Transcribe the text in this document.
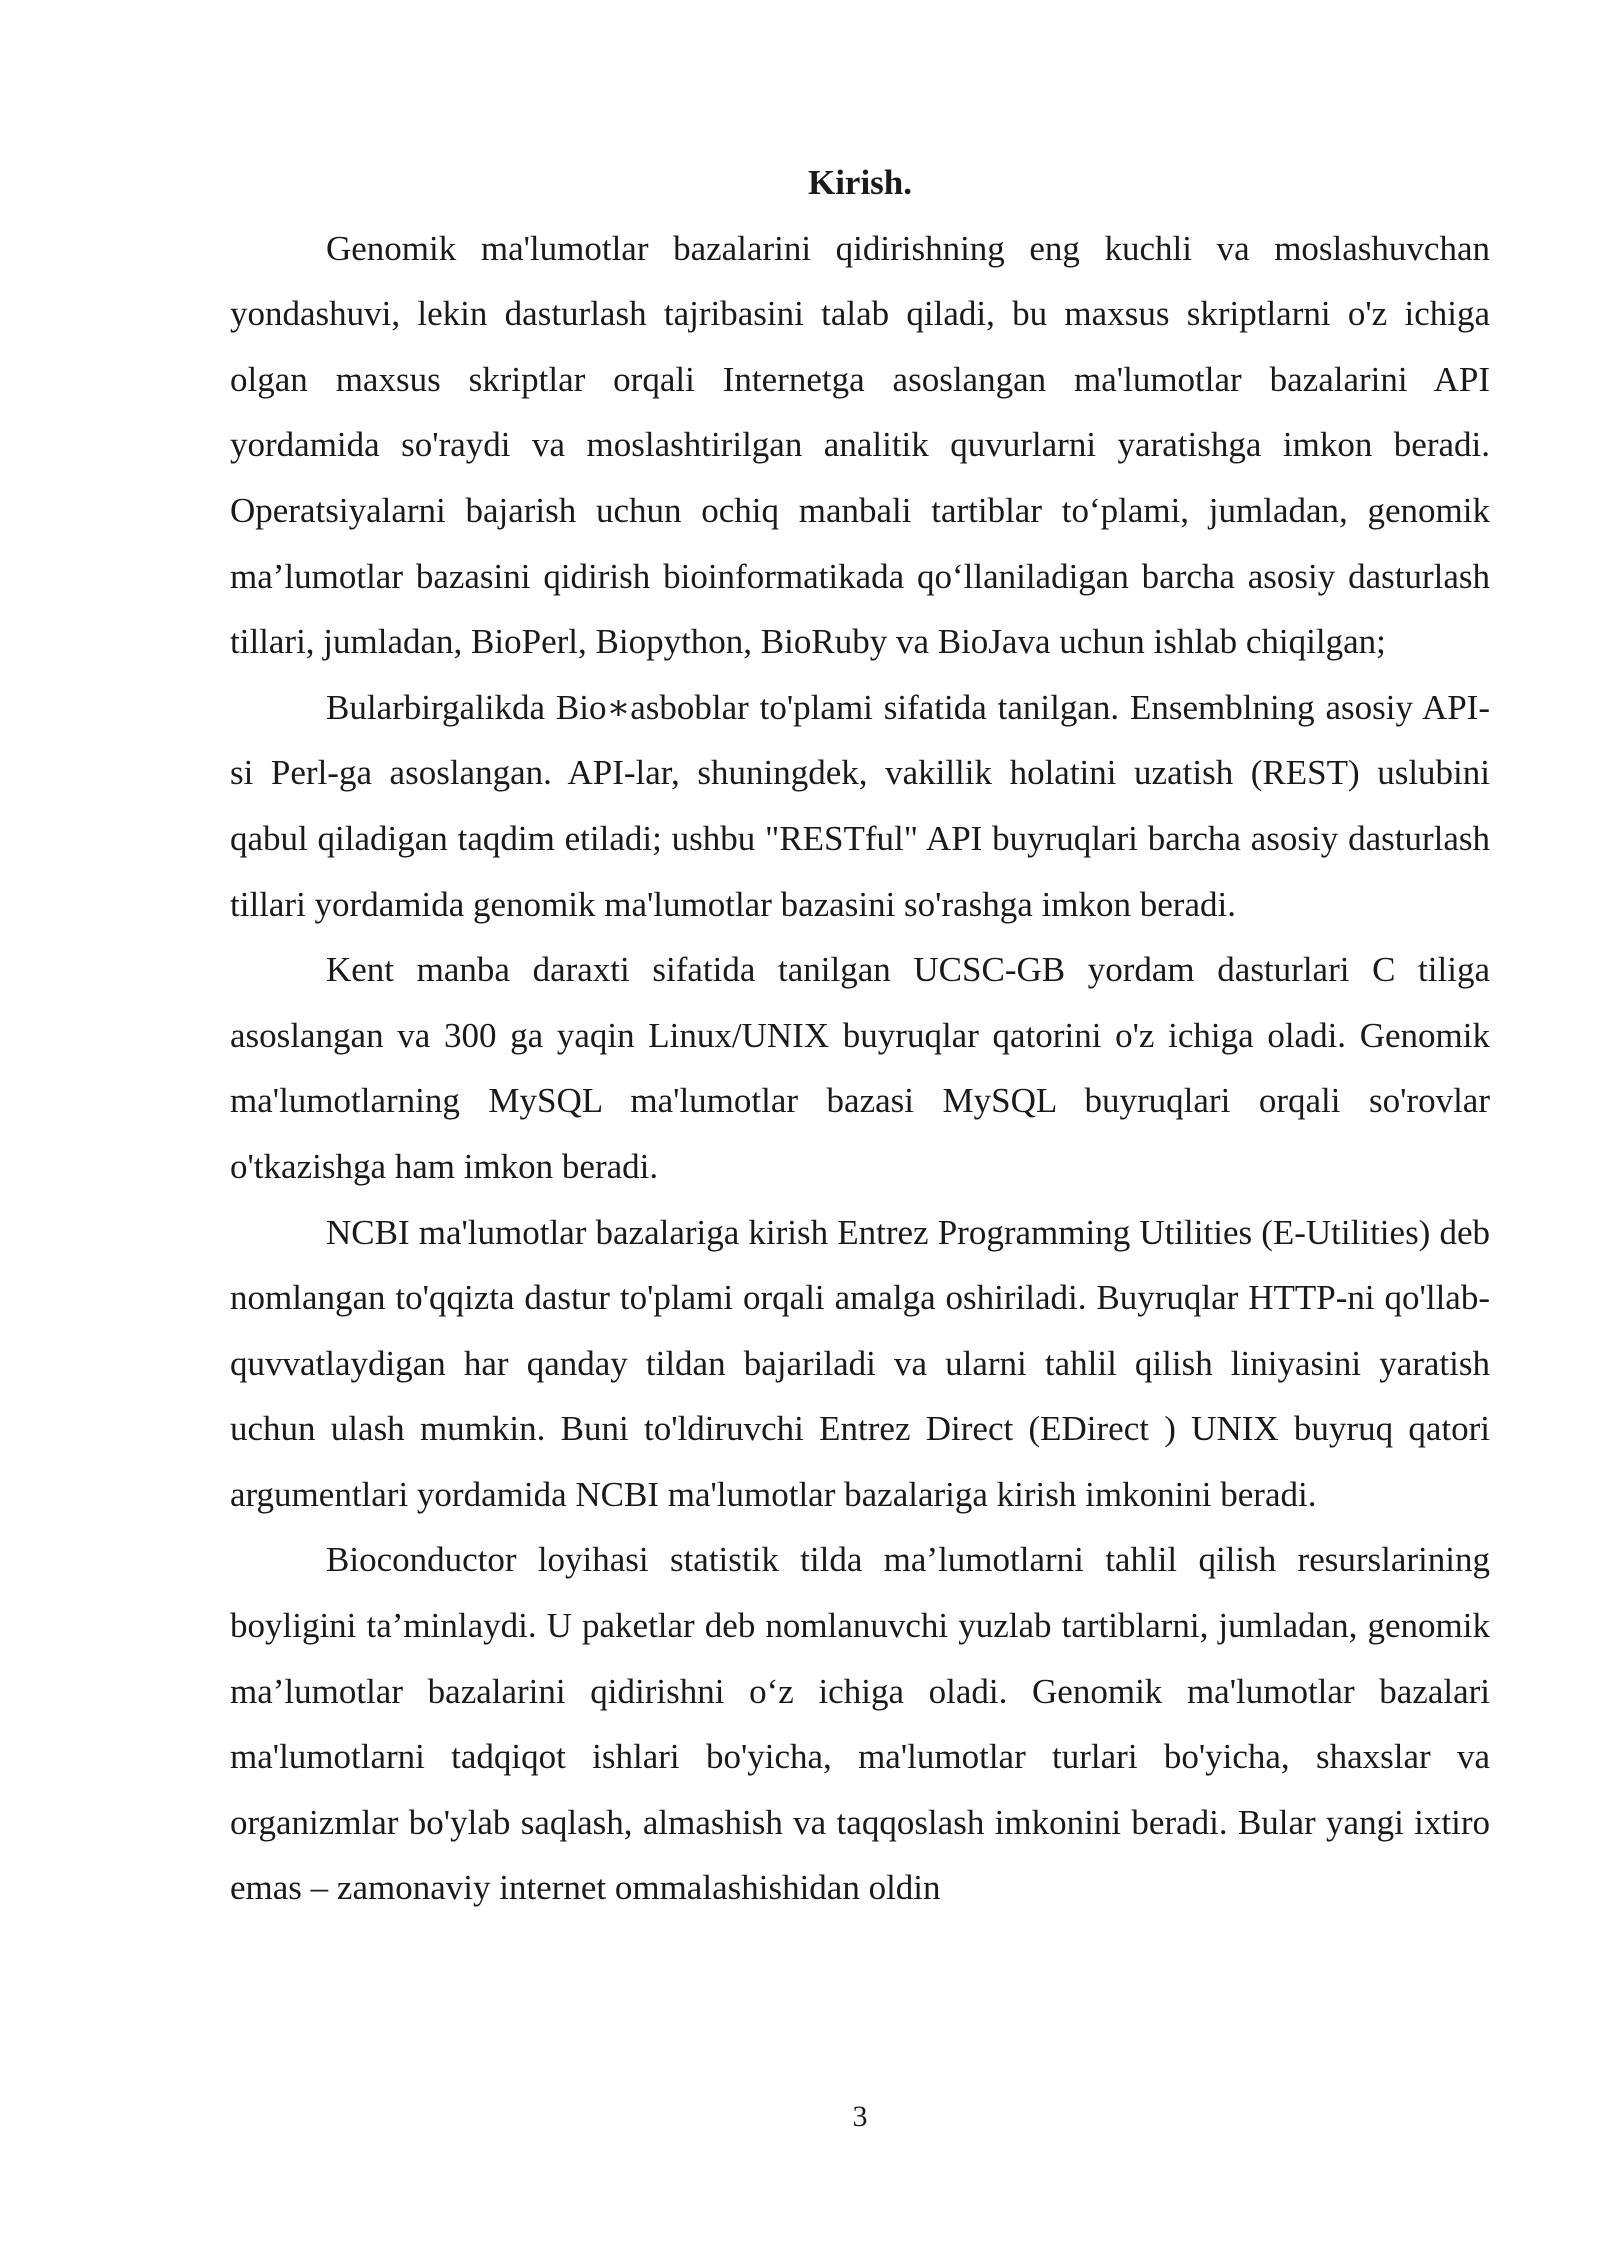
Kirish.

Genomik ma'lumotlar bazalarini qidirishning eng kuchli va moslashuvchan yondashuvi, lekin dasturlash tajribasini talab qiladi, bu maxsus skriptlarni o'z ichiga olgan maxsus skriptlar orqali Internetga asoslangan ma'lumotlar bazalarini API yordamida so'raydi va moslashtirilgan analitik quvurlarni yaratishga imkon beradi. Operatsiyalarni bajarish uchun ochiq manbali tartiblar to‘plami, jumladan, genomik ma’lumotlar bazasini qidirish bioinformatikada qo‘llaniladigan barcha asosiy dasturlash tillari, jumladan, BioPerl, Biopython, BioRuby va BioJava uchun ishlab chiqilgan;

Bularbirgalikda Bio∗asboblar to'plami sifatida tanilgan. Ensemblning asosiy API-si Perl-ga asoslangan. API-lar, shuningdek, vakillik holatini uzatish (REST) uslubini qabul qiladigan taqdim etiladi; ushbu "RESTful" API buyruqlari barcha asosiy dasturlash tillari yordamida genomik ma'lumotlar bazasini so'rashga imkon beradi.

Kent manba daraxti sifatida tanilgan UCSC-GB yordam dasturlari C tiliga asoslangan va 300 ga yaqin Linux/UNIX buyruqlar qatorini o'z ichiga oladi. Genomik ma'lumotlarning MySQL ma'lumotlar bazasi MySQL buyruqlari orqali so'rovlar o'tkazishga ham imkon beradi.

NCBI ma'lumotlar bazalariga kirish Entrez Programming Utilities (E-Utilities) deb nomlangan to'qqizta dastur to'plami orqali amalga oshiriladi. Buyruqlar HTTP-ni qo'llab-quvvatlaydigan har qanday tildan bajariladi va ularni tahlil qilish liniyasini yaratish uchun ulash mumkin. Buni to'ldiruvchi Entrez Direct (EDirect ) UNIX buyruq qatori argumentlari yordamida NCBI ma'lumotlar bazalariga kirish imkonini beradi.

Bioconductor loyihasi statistik tilda ma’lumotlarni tahlil qilish resurslarining boyligini ta’minlaydi. U paketlar deb nomlanuvchi yuzlab tartiblarni, jumladan, genomik ma’lumotlar bazalarini qidirishni o‘z ichiga oladi. Genomik ma'lumotlar bazalari ma'lumotlarni tadqiqot ishlari bo'yicha, ma'lumotlar turlari bo'yicha, shaxslar va organizmlar bo'ylab saqlash, almashish va taqqoslash imkonini beradi. Bular yangi ixtiro emas – zamonaviy internet ommalashishidan oldin

3
